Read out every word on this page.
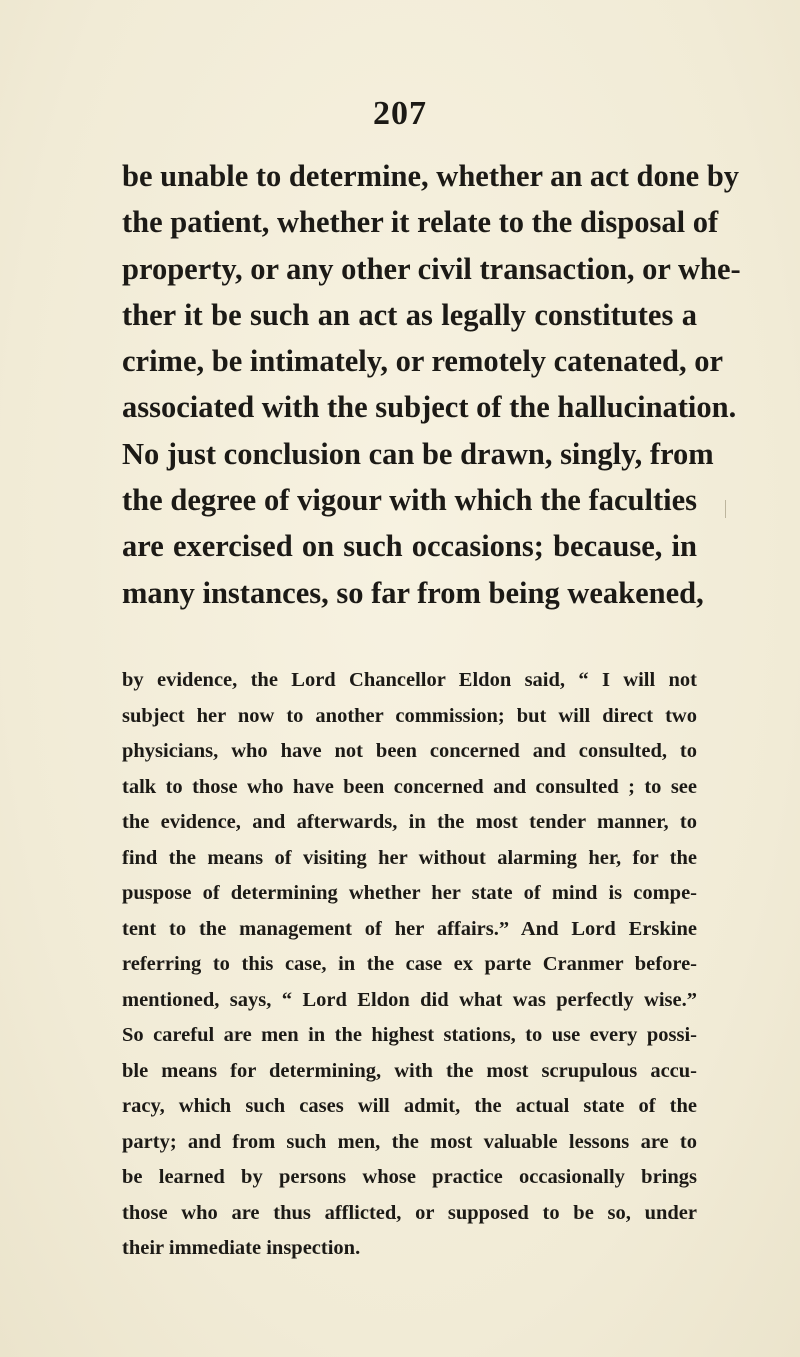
207
be unable to determine, whether an act done by
the patient, whether it relate to the disposal of
property, or any other civil transaction, or whe-
ther it be such an act as legally constitutes a
crime, be intimately, or remotely catenated, or
associated with the subject of the hallucination.
No just conclusion can be drawn, singly, from
the degree of vigour with which the faculties
are exercised on such occasions; because, in
many instances, so far from being weakened,
by evidence, the Lord Chancellor Eldon said, “ I will not
subject her now to another commission; but will direct two
physicians, who have not been concerned and consulted, to
talk to those who have been concerned and consulted ; to see
the evidence, and afterwards, in the most tender manner, to
find the means of visiting her without alarming her, for the
puspose of determining whether her state of mind is compe-
tent to the management of her affairs.” And Lord Erskine
referring to this case, in the case ex parte Cranmer before-
mentioned, says, “ Lord Eldon did what was perfectly wise.”
So careful are men in the highest stations, to use every possi-
ble means for determining, with the most scrupulous accu-
racy, which such cases will admit, the actual state of the
party; and from such men, the most valuable lessons are to
be learned by persons whose practice occasionally brings
those who are thus afflicted, or supposed to be so, under
their immediate inspection.
